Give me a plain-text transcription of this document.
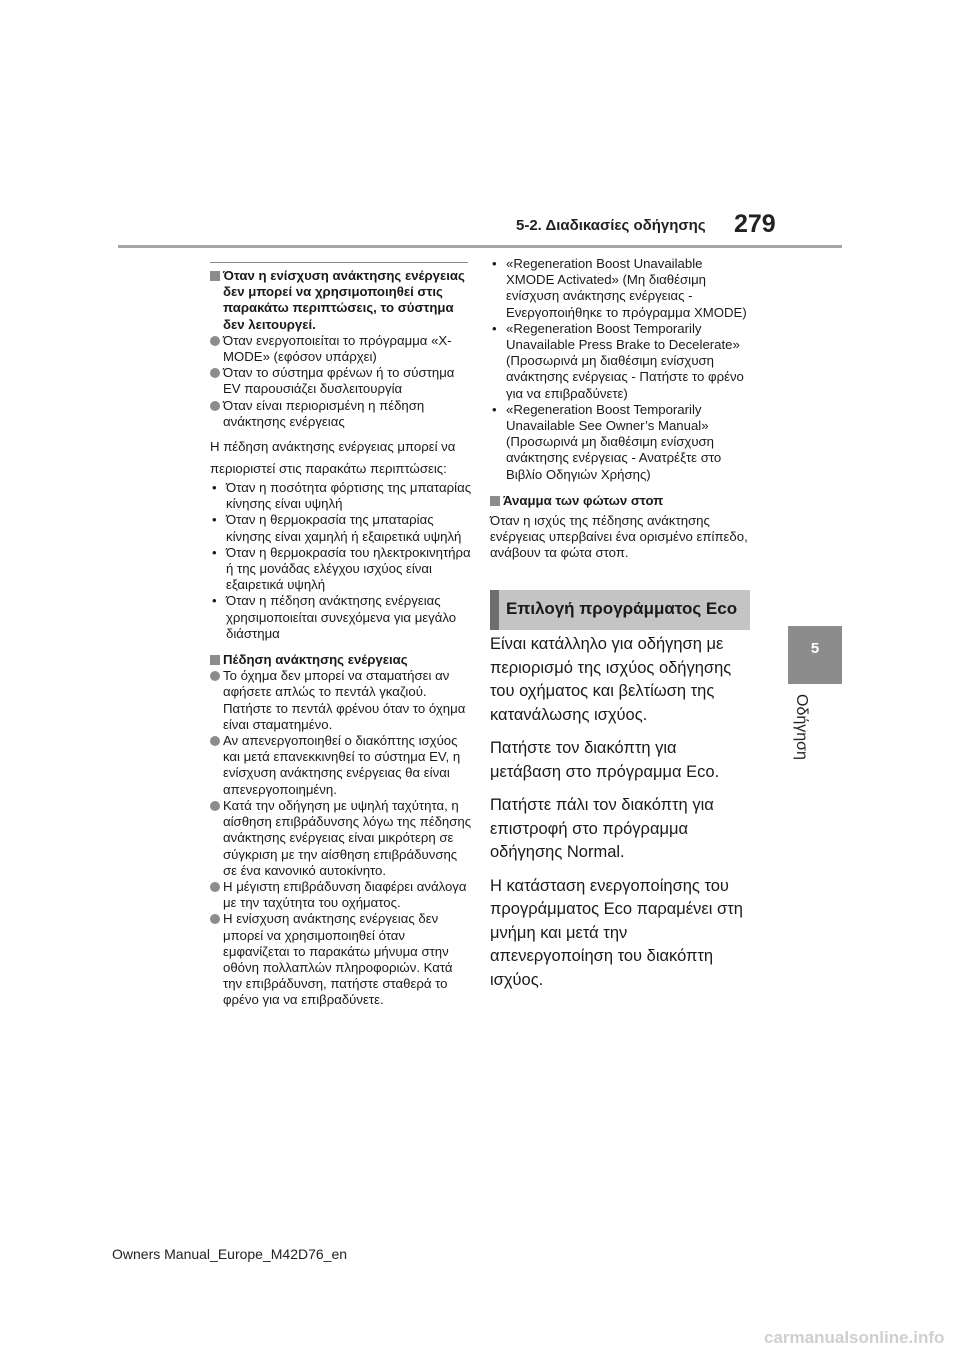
5-2. Διαδικασίες οδήγησης 279
5
Οδήγηση

Όταν η ενίσχυση ανάκτησης ενέργειας δεν μπορεί να χρησιμοποιηθεί στις παρακάτω περιπτώσεις, το σύστημα δεν λειτουργεί.

Όταν ενεργοποιείται το πρόγραμμα «X-MODE» (εφόσον υπάρχει)

Όταν το σύστημα φρένων ή το σύστημα EV παρουσιάζει δυσλειτουργία

Όταν είναι περιορισμένη η πέδηση ανάκτησης ενέργειας

Η πέδηση ανάκτησης ενέργειας μπορεί να περιοριστεί στις παρακάτω περιπτώσεις:

• Όταν η ποσότητα φόρτισης της μπαταρίας κίνησης είναι υψηλή

• Όταν η θερμοκρασία της μπαταρίας κίνησης είναι χαμηλή ή εξαιρετικά υψηλή

• Όταν η θερμοκρασία του ηλεκτροκινητήρα ή της μονάδας ελέγχου ισχύος είναι εξαιρετικά υψηλή

• Όταν η πέδηση ανάκτησης ενέργειας χρησιμοποιείται συνεχόμενα για μεγάλο διάστημα

Πέδηση ανάκτησης ενέργειας

Το όχημα δεν μπορεί να σταματήσει αν αφήσετε απλώς το πεντάλ γκαζιού. Πατήστε το πεντάλ φρένου όταν το όχημα είναι σταματημένο.

Αν απενεργοποιηθεί ο διακόπτης ισχύος και μετά επανεκκινηθεί το σύστημα EV, η ενίσχυση ανάκτησης ενέργειας θα είναι απενεργοποιημένη.

Κατά την οδήγηση με υψηλή ταχύτητα, η αίσθηση επιβράδυνσης λόγω της πέδησης ανάκτησης ενέργειας είναι μικρότερη σε σύγκριση με την αίσθηση επιβράδυνσης σε ένα κανονικό αυτοκίνητο.

Η μέγιστη επιβράδυνση διαφέρει ανάλογα με την ταχύτητα του οχήματος.

Η ενίσχυση ανάκτησης ενέργειας δεν μπορεί να χρησιμοποιηθεί όταν εμφανίζεται το παρακάτω μήνυμα στην οθόνη πολλαπλών πληροφοριών. Κατά την επιβράδυνση, πατήστε σταθερά το φρένο για να επιβραδύνετε.

• «Regeneration Boost Unavailable XMODE Activated» (Μη διαθέσιμη ενίσχυση ανάκτησης ενέργειας - Ενεργοποιήθηκε το πρόγραμμα XMODE)

• «Regeneration Boost Temporarily Unavailable Press Brake to Decelerate» (Προσωρινά μη διαθέσιμη ενίσχυση ανάκτησης ενέργειας - Πατήστε το φρένο για να επιβραδύνετε)

• «Regeneration Boost Temporarily Unavailable See Owner’s Manual» (Προσωρινά μη διαθέσιμη ενίσχυση ανάκτησης ενέργειας - Ανατρέξτε στο Βιβλίο Οδηγιών Χρήσης)

Άναμμα των φώτων στοπ

Όταν η ισχύς της πέδησης ανάκτησης ενέργειας υπερβαίνει ένα ορισμένο επίπεδο, ανάβουν τα φώτα στοπ.

Επιλογή προγράμματος Eco

Είναι κατάλληλο για οδήγηση με περιορισμό της ισχύος οδήγησης του οχήματος και βελτίωση της κατανάλωσης ισχύος.

Πατήστε τον διακόπτη για μετάβαση στο πρόγραμμα Eco.

Πατήστε πάλι τον διακόπτη για επιστροφή στο πρόγραμμα οδήγησης Normal.

Η κατάσταση ενεργοποίησης του προγράμματος Eco παραμένει στη μνήμη και μετά την απενεργοποίηση του διακόπτη ισχύος.

Owners Manual_Europe_M42D76_en
carmanualsonline.info
